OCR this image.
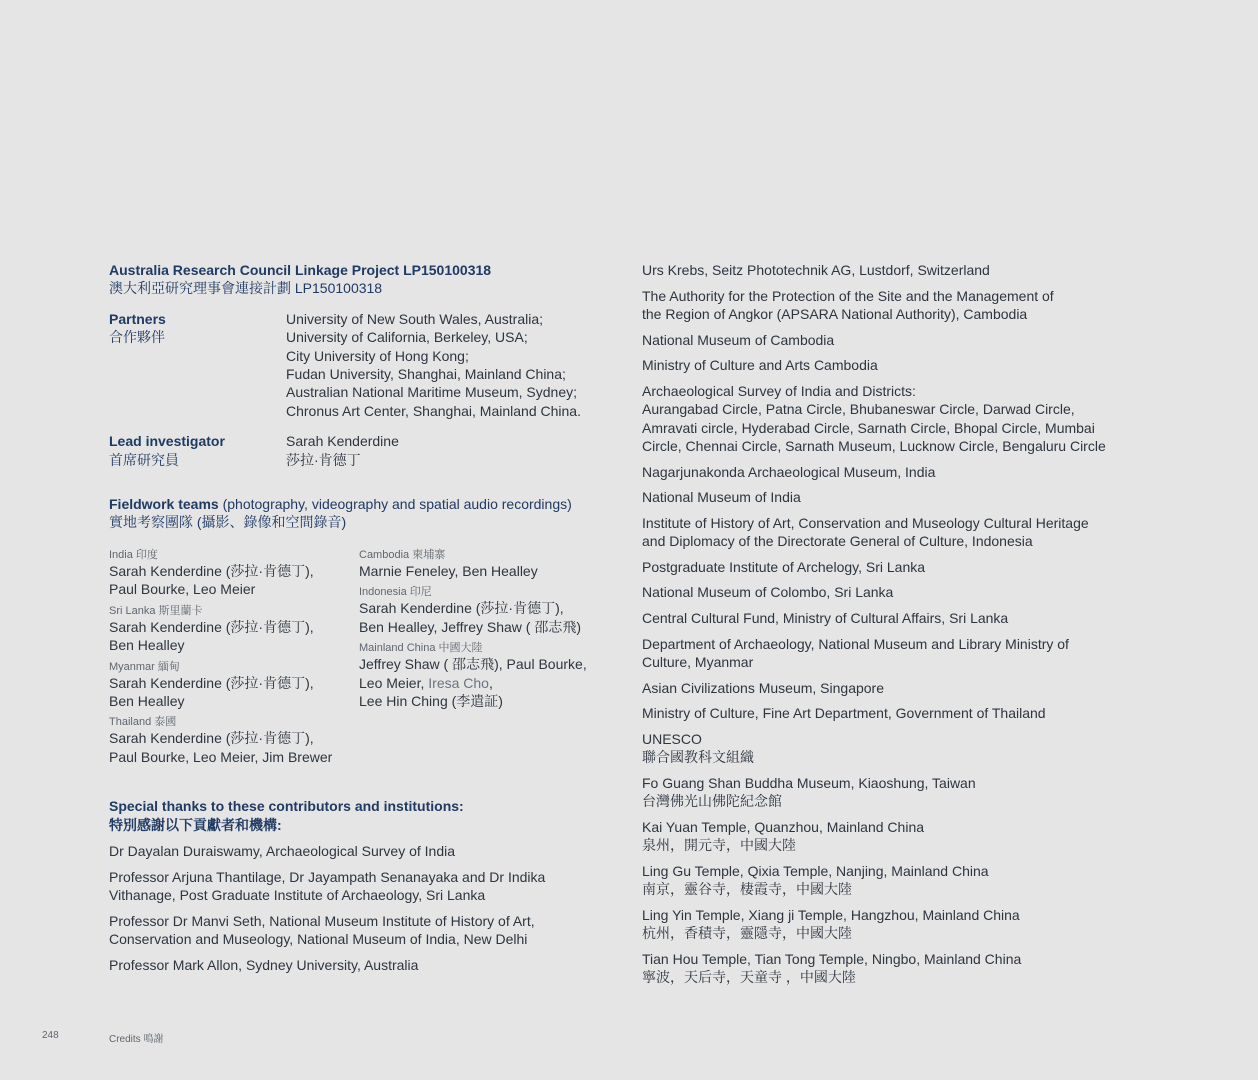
Australia Research Council Linkage Project LP150100318
澳大利亞研究理事會連接計劃 LP150100318
Partners
合作夥伴
University of New South Wales, Australia;
University of California, Berkeley, USA;
City University of Hong Kong;
Fudan University, Shanghai, Mainland China;
Australian National Maritime Museum, Sydney;
Chronus Art Center, Shanghai, Mainland China.
Lead investigator
首席研究員
Sarah Kenderdine
莎拉·肯德丁
Fieldwork teams (photography, videography and spatial audio recordings)
實地考察團隊 (攝影、錄像和空間錄音)
India 印度
Sarah Kenderdine (莎拉·肯德丁),
Paul Bourke, Leo Meier
Sri Lanka 斯里蘭卡
Sarah Kenderdine (莎拉·肯德丁),
Ben Healley
Myanmar 緬甸
Sarah Kenderdine (莎拉·肯德丁),
Ben Healley
Thailand 泰國
Sarah Kenderdine (莎拉·肯德丁),
Paul Bourke, Leo Meier, Jim Brewer
Cambodia 柬埔寨
Marnie Feneley, Ben Healley
Indonesia 印尼
Sarah Kenderdine (莎拉·肯德丁),
Ben Healley, Jeffrey Shaw ( 邵志飛)
Mainland China 中國大陸
Jeffrey Shaw ( 邵志飛), Paul Bourke,
Leo Meier, Iresa Cho,
Lee Hin Ching (李遣証)
Special thanks to these contributors and institutions:
特別感謝以下貢獻者和機構:
Dr Dayalan Duraiswamy, Archaeological Survey of India
Professor Arjuna Thantilage, Dr Jayampath Senanayaka and Dr Indika
Vithanage, Post Graduate Institute of Archaeology, Sri Lanka
Professor Dr Manvi Seth, National Museum Institute of History of Art,
Conservation and Museology, National Museum of India, New Delhi
Professor Mark Allon, Sydney University, Australia
Urs Krebs, Seitz Phototechnik AG, Lustdorf, Switzerland
The Authority for the Protection of the Site and the Management of
the Region of Angkor (APSARA National Authority), Cambodia
National Museum of Cambodia
Ministry of Culture and Arts Cambodia
Archaeological Survey of India and Districts:
Aurangabad Circle, Patna Circle, Bhubaneswar Circle, Darwad Circle,
Amravati circle, Hyderabad Circle, Sarnath Circle, Bhopal Circle, Mumbai
Circle, Chennai Circle, Sarnath Museum, Lucknow Circle, Bengaluru Circle
Nagarjunakonda Archaeological Museum, India
National Museum of India
Institute of History of Art, Conservation and Museology Cultural Heritage
and Diplomacy of the Directorate General of Culture, Indonesia
Postgraduate Institute of Archelogy, Sri Lanka
National Museum of Colombo, Sri Lanka
Central Cultural Fund, Ministry of Cultural Affairs, Sri Lanka
Department of Archaeology, National Museum and Library Ministry of
Culture, Myanmar
Asian Civilizations Museum, Singapore
Ministry of Culture, Fine Art Department, Government of Thailand
UNESCO
聯合國教科文組織
Fo Guang Shan Buddha Museum, Kiaoshung, Taiwan
台灣佛光山佛陀紀念館
Kai Yuan Temple, Quanzhou, Mainland China
泉州，開元寺，中國大陸
Ling Gu Temple, Qixia Temple, Nanjing, Mainland China
南京，靈谷寺，棲霞寺，中國大陸
Ling Yin Temple, Xiang ji Temple, Hangzhou, Mainland China
杭州，香積寺，靈隱寺，中國大陸
Tian Hou Temple, Tian Tong Temple, Ningbo, Mainland China
寧波，天后寺，天童寺 ，中國大陸
248	Credits 鳴謝
